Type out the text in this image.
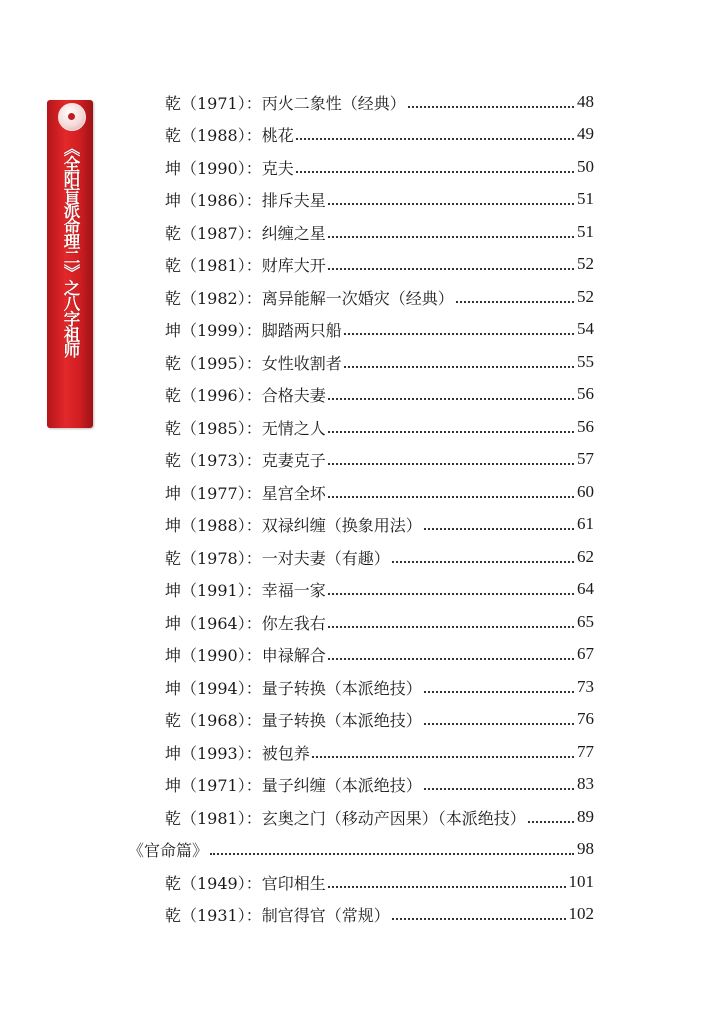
《全阳盲派命理二》之八字祖师
乾（1971）：丙火二象性（经典）	48
乾（1988）：桃花	49
坤（1990）：克夫	50
坤（1986）：排斥夫星	51
乾（1987）：纠缠之星	51
乾（1981）：财库大开	52
乾（1982）：离异能解一次婚灾（经典）	52
坤（1999）：脚踏两只船	54
乾（1995）：女性收割者	55
乾（1996）：合格夫妻	56
乾（1985）：无情之人	56
乾（1973）：克妻克子	57
坤（1977）：星宫全坏	60
坤（1988）：双禄纠缠（换象用法）	61
乾（1978）：一对夫妻（有趣）	62
坤（1991）：幸福一家	64
坤（1964）：你左我右	65
坤（1990）：申禄解合	67
坤（1994）：量子转换（本派绝技）	73
乾（1968）：量子转换（本派绝技）	76
坤（1993）：被包养	77
坤（1971）：量子纠缠（本派绝技）	83
乾（1981）：玄奥之门（移动产因果）（本派绝技）	89
《官命篇》	98
乾（1949）：官印相生	101
乾（1931）：制官得官（常规）	102
